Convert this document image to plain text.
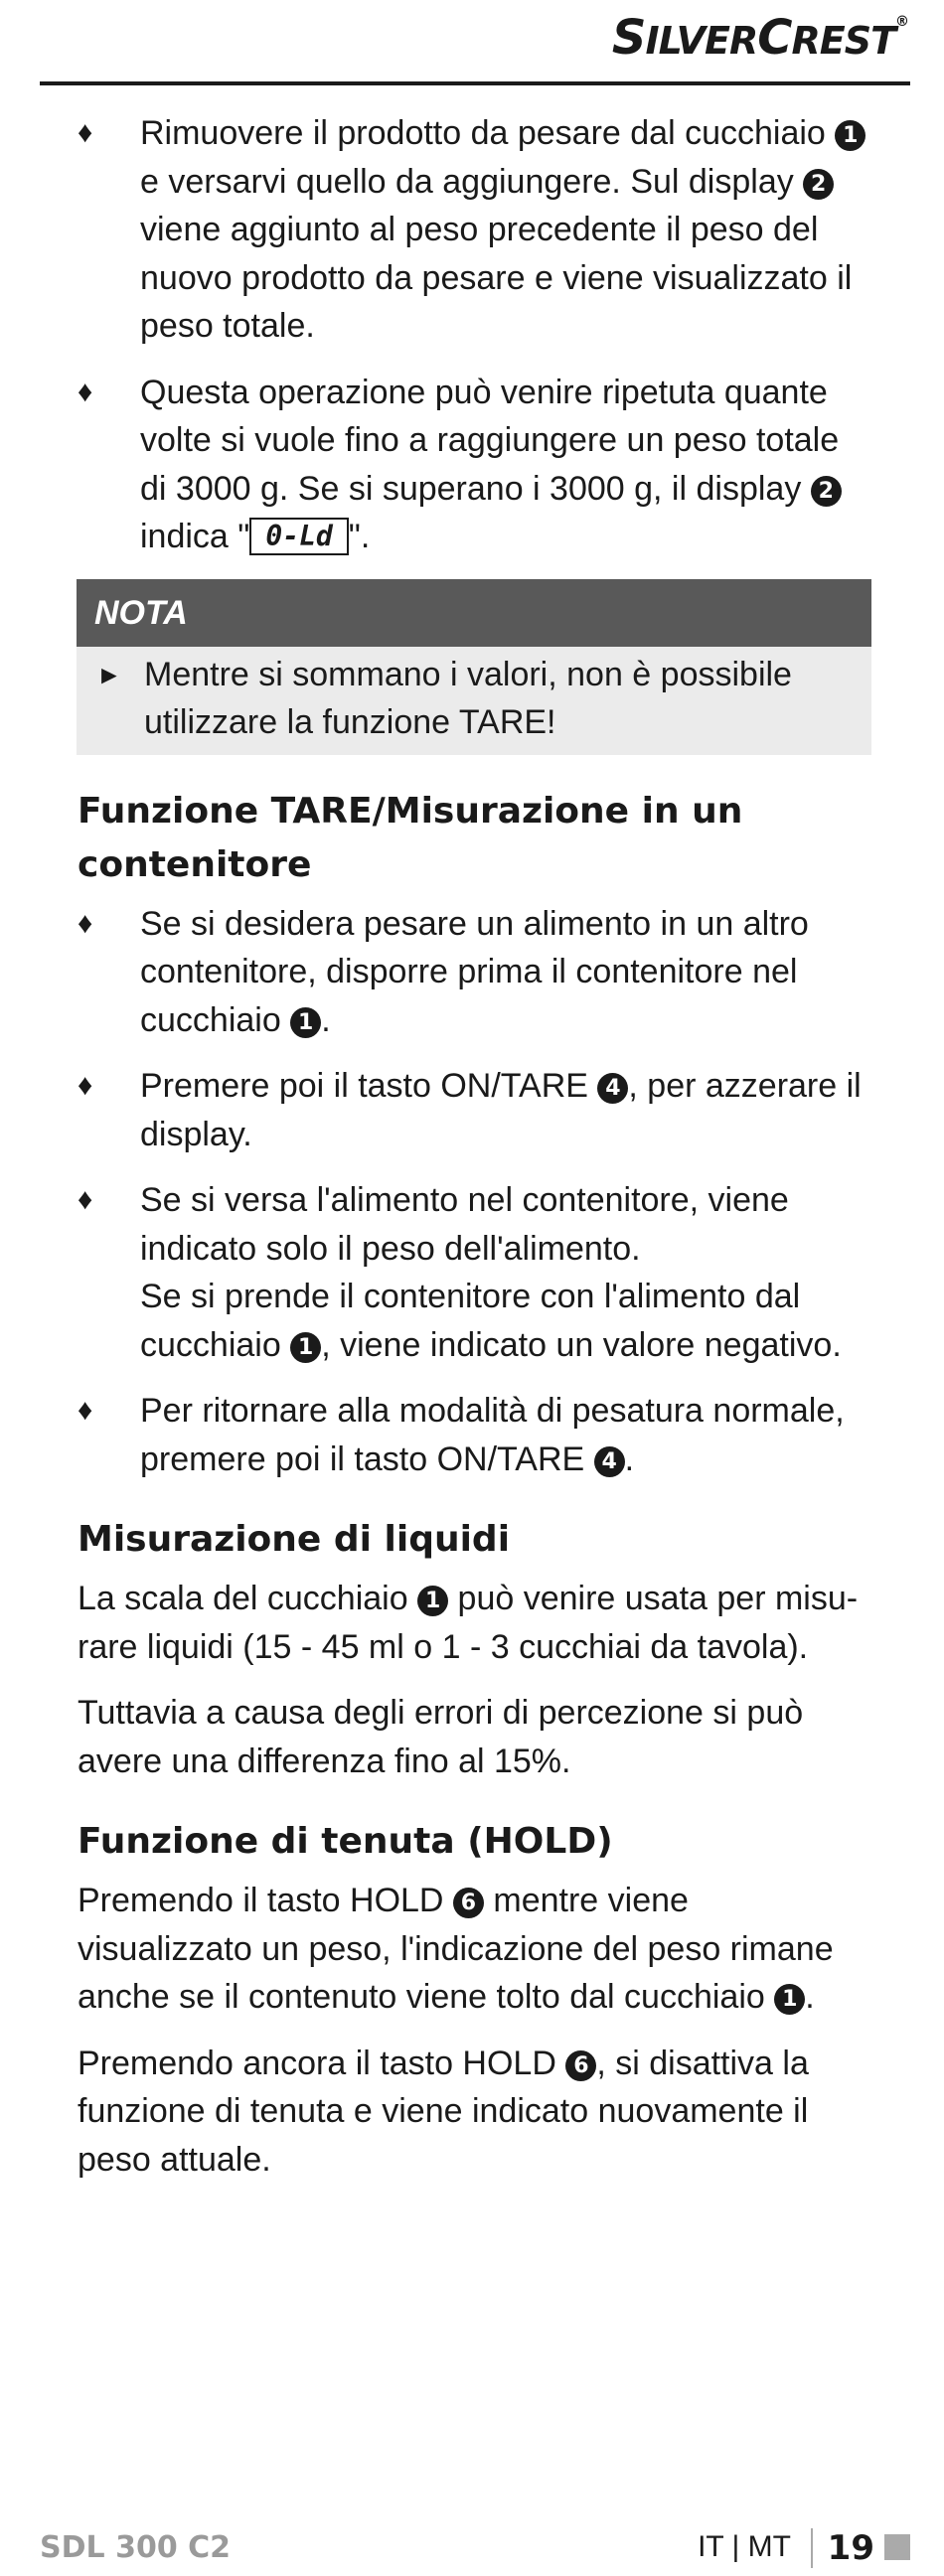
SILVERCREST®
♦ Rimuovere il prodotto da pesare dal cucchiaio 1 e versarvi quello da aggiungere. Sul display 2 viene aggiunto al peso precedente il peso del nuovo prodotto da pesare e viene visualizzato il peso totale.
♦ Questa operazione può venire ripetuta quante volte si vuole fino a raggiungere un peso totale di 3000 g. Se si superano i 3000 g, il display 2 indica " 0-Ld ".
NOTA
► Mentre si sommano i valori, non è possibile utilizzare la funzione TARE!
Funzione TARE/Misurazione in un contenitore
♦ Se si desidera pesare un alimento in un altro contenitore, disporre prima il contenitore nel cucchiaio 1 .
♦ Premere poi il tasto ON/TARE 4 , per azzerare il display.
♦ Se si versa l'alimento nel contenitore, viene indicato solo il peso dell'alimento.
Se si prende il contenitore con l'alimento dal cucchiaio 1 , viene indicato un valore negativo.
♦ Per ritornare alla modalità di pesatura normale, premere poi il tasto ON/TARE 4 .
Misurazione di liquidi

La scala del cucchiaio 1 può venire usata per misu-rare liquidi (15 - 45 ml o 1 - 3 cucchiai da tavola).

Tuttavia a causa degli errori di percezione si può avere una differenza fino al 15%.

Funzione di tenuta (HOLD)

Premendo il tasto HOLD 6 mentre viene visualizzato un peso, l'indicazione del peso rimane anche se il contenuto viene tolto dal cucchiaio 1 .

Premendo ancora il tasto HOLD 6 , si disattiva la funzione di tenuta e viene indicato nuovamente il peso attuale.

SDL 300 C2	IT | MT 19
